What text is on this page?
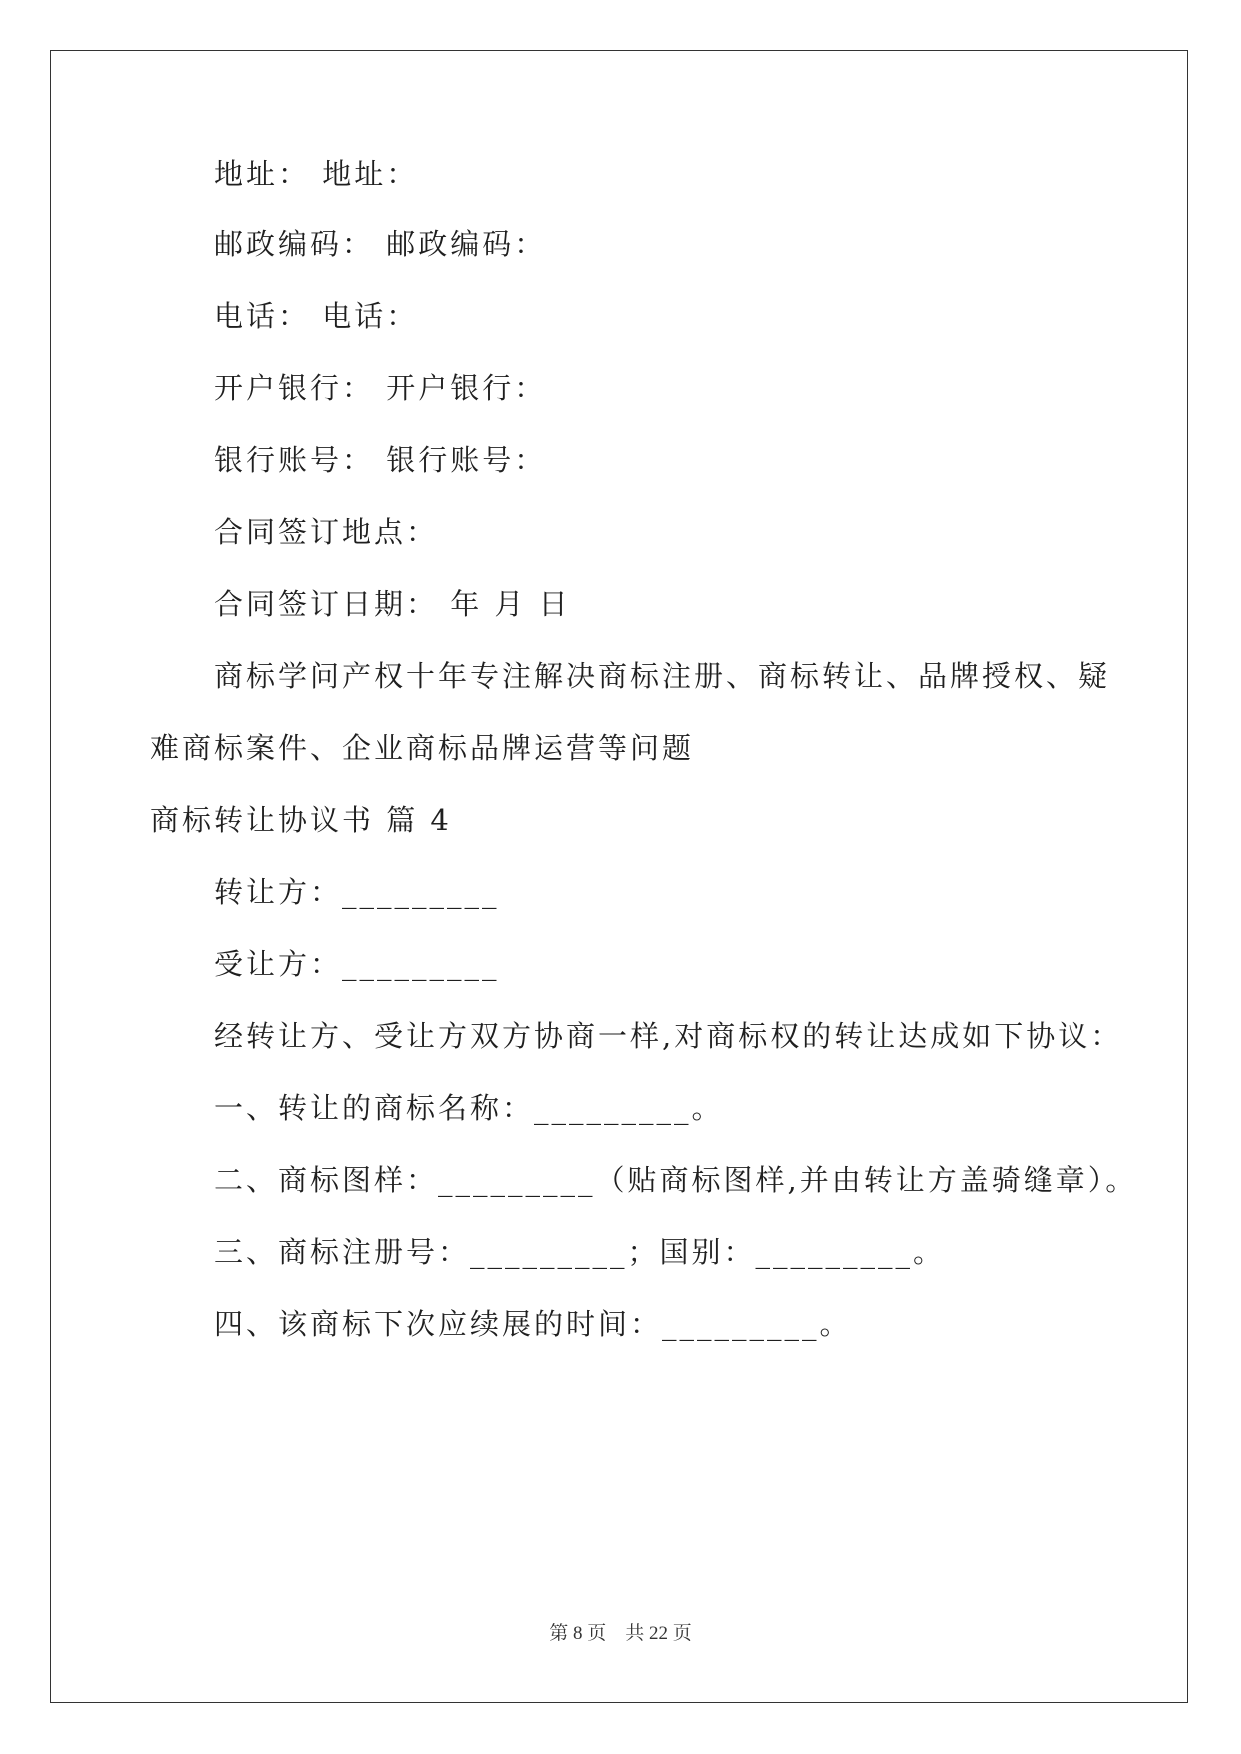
地址： 地址：
邮政编码： 邮政编码：
电话： 电话：
开户银行： 开户银行：
银行账号： 银行账号：
合同签订地点：
合同签订日期： 年 月 日
商标学问产权十年专注解决商标注册、商标转让、品牌授权、疑
难商标案件、企业商标品牌运营等问题
商标转让协议书 篇 4
转让方：_________
受让方：_________
经转让方、受让方双方协商一样,对商标权的转让达成如下协议：
一、转让的商标名称：_________。
二、商标图样：_________（贴商标图样,并由转让方盖骑缝章）。
三、商标注册号：_________；国别：_________。
四、该商标下次应续展的时间：_________。
第 8 页　共 22 页
